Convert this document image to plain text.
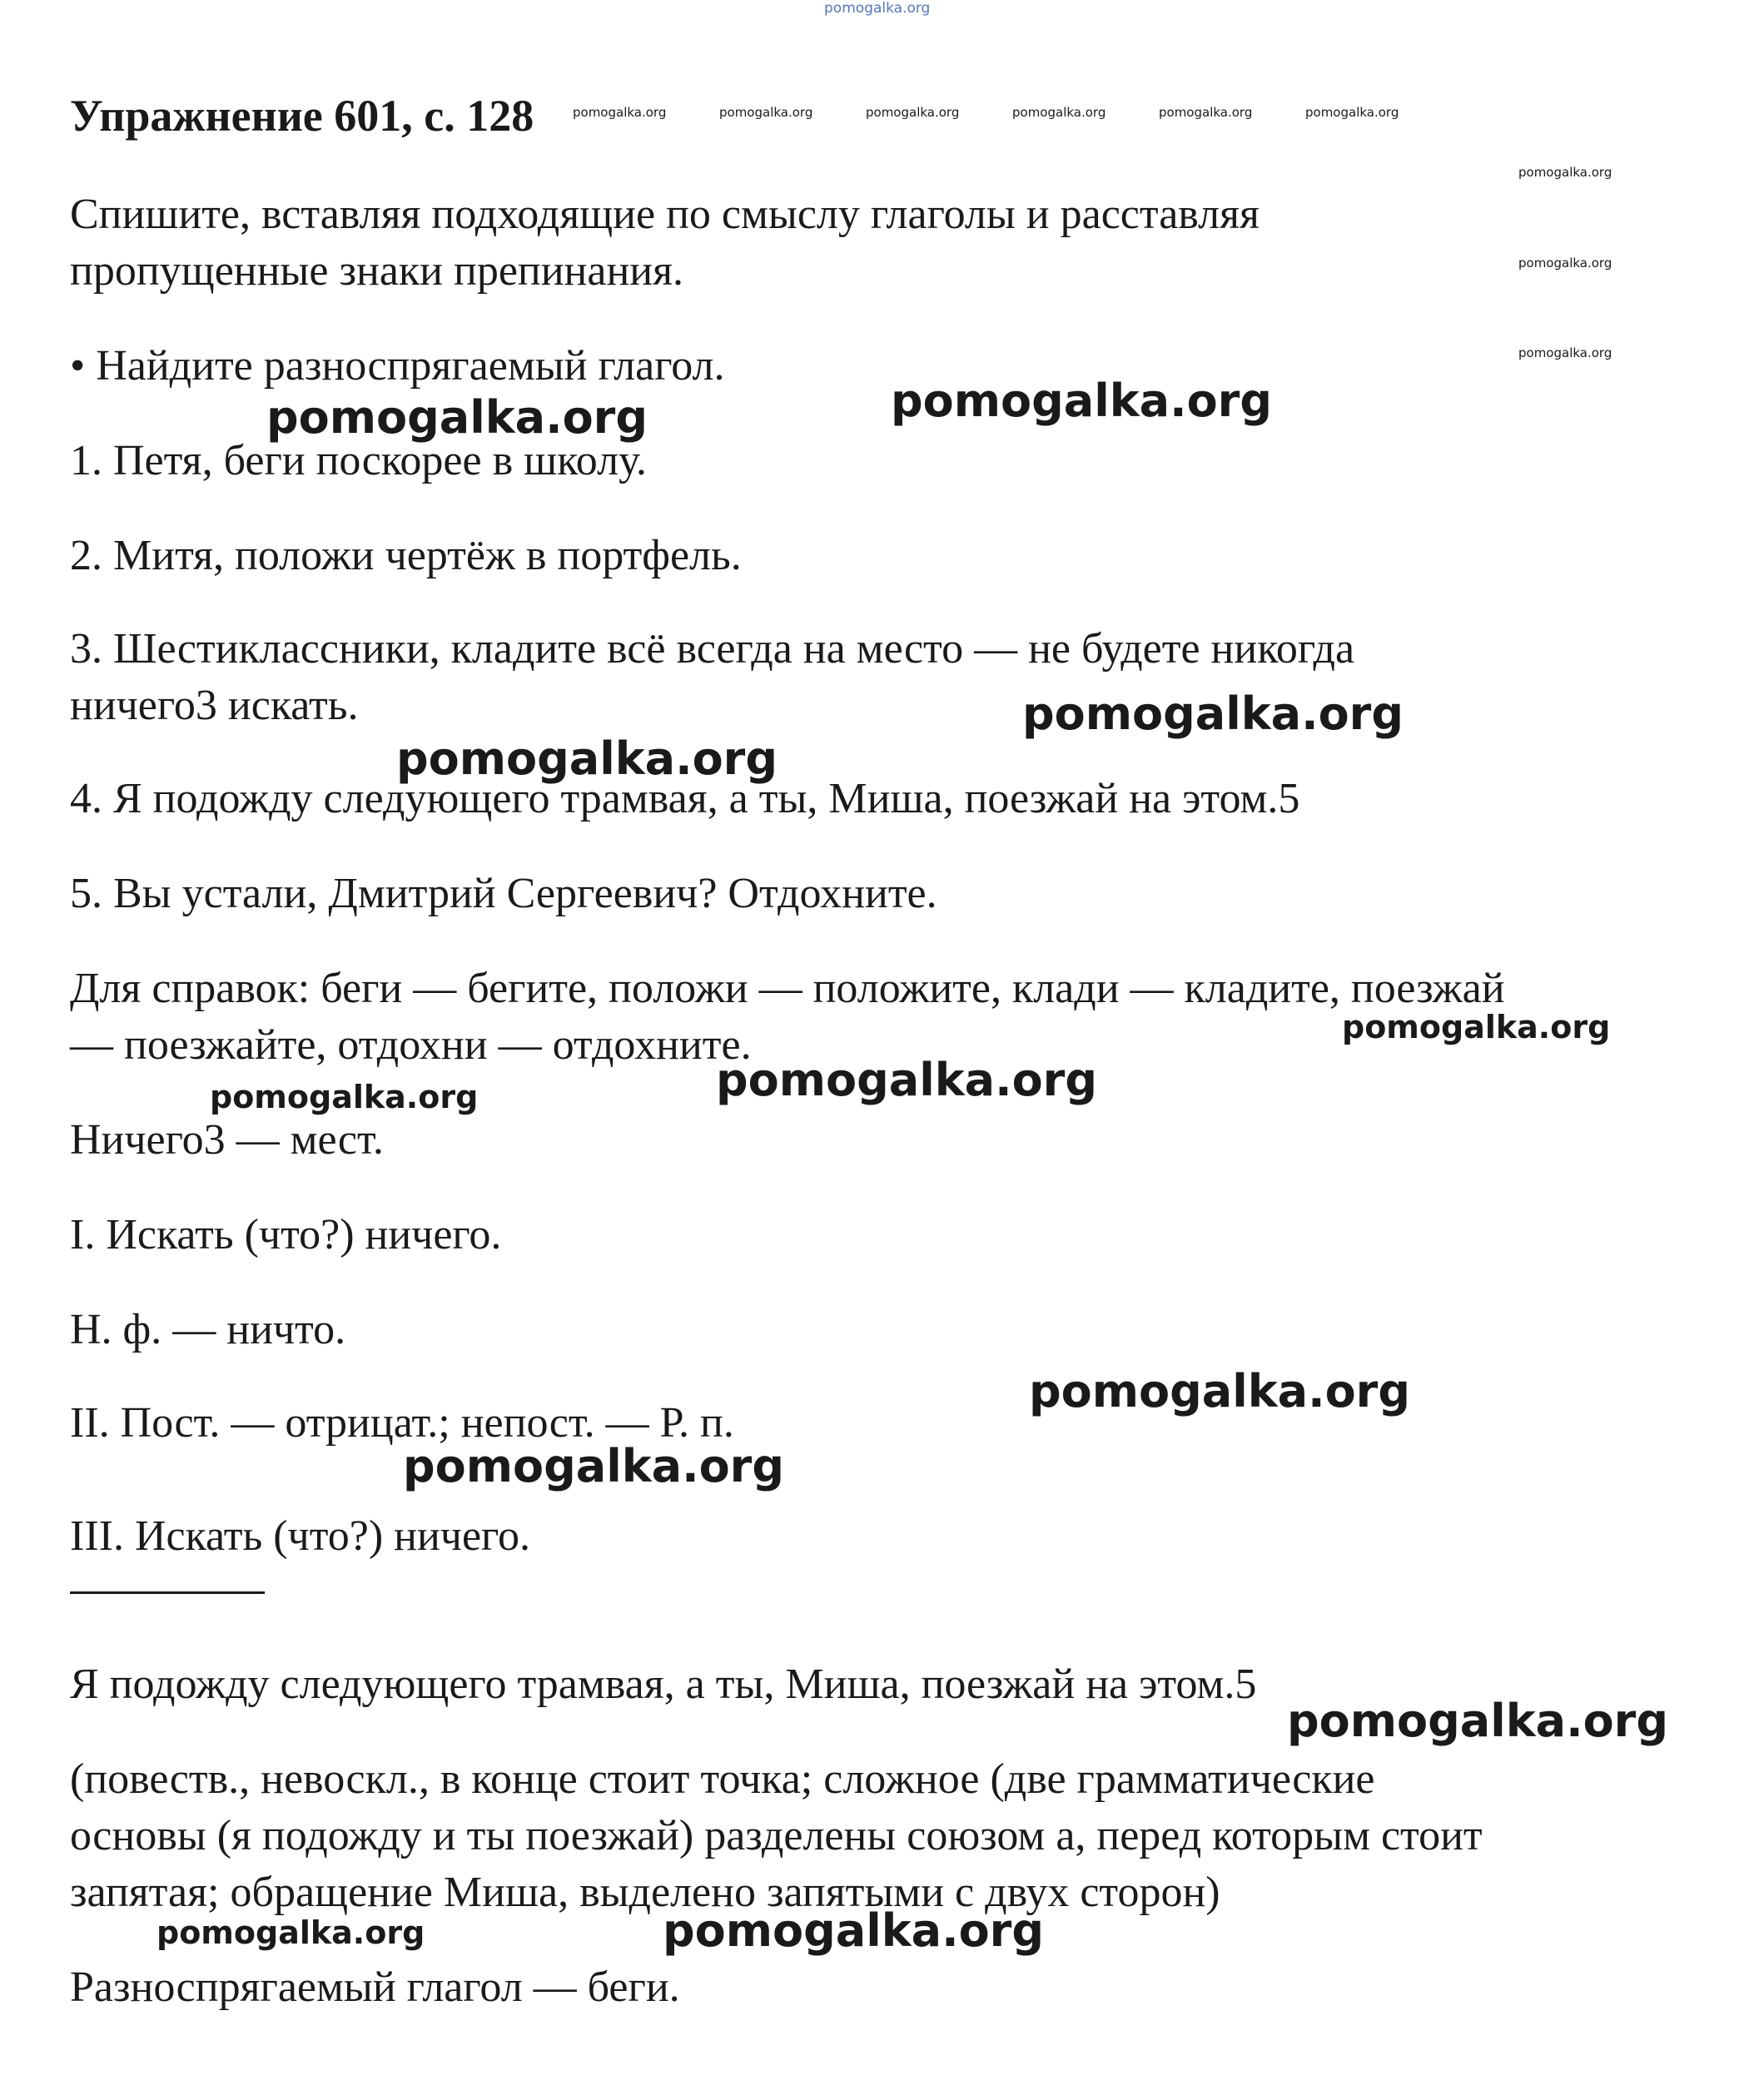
pomogalka.org
Упражнение 601, с. 128	pomogalka.org	pomogalka.org	pomogalka.org	pomogalka.org	pomogalka.org	pomogalka.org
pomogalka.org
pomogalka.org
pomogalka.org
Спишите, вставляя подходящие по смыслу глаголы и расставляя
пропущенные знаки препинания.
• Найдите разноспрягаемый глагол.
1. Петя, беги поскорее в школу.
2. Митя, положи чертёж в портфель.
3. Шестиклассники, кладите всё всегда на место — не будете никогда
ничего3 искать.
4. Я подожду следующего трамвая, а ты, Миша, поезжай на этом.5
5. Вы устали, Дмитрий Сергеевич? Отдохните.
Для справок: беги — бегите, положи — положите, клади — кладите, поезжай
— поезжайте, отдохни — отдохните.
Ничего3 — мест.
I. Искать (что?) ничего.
Н. ф. — ничто.
II. Пост. — отрицат.; непост. — Р. п.
III. Искать (что?) ничего.
Я подожду следующего трамвая, а ты, Миша, поезжай на этом.5
(повеств., невоскл., в конце стоит точка; сложное (две грамматические
основы (я подожду и ты поезжай) разделены союзом а, перед которым стоит
запятая; обращение Миша, выделено запятыми с двух сторон)
Разноспрягаемый глагол — беги.
pomogalka.org
pomogalka.org
pomogalka.org
pomogalka.org
pomogalka.org
pomogalka.org
pomogalka.org
pomogalka.org
pomogalka.org
pomogalka.org
pomogalka.org	pomogalka.org
